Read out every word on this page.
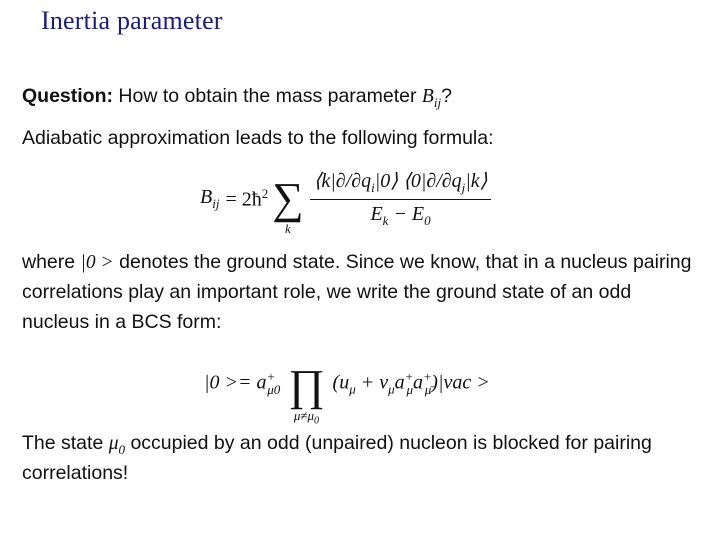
Inertia parameter
Question: How to obtain the mass parameter $B_{ij}$?
Adiabatic approximation leads to the following formula:
$B_{ij}$ = $2ħ^2$ ∑
k $\frac{⟨k|\partial/\partial q_i|0⟩ ⟨0|\partial/\partial q_j|k⟩}{E_k - E_0}$
where |0 > denotes the ground state. Since we know, that in a nucleus pairing
correlations play an important role, we write the ground state of an odd
nucleus in a BCS form:
$|0 >= a^+_{\mu 0}$ ∏
$\mu\ne\mu_0$
$(u_\mu + v_\mu a^+_\mu a^+_{\mū})|vac$ >
The state $\mu_0$ occupied by an odd (unpaired) nucleon is blocked for pairing
correlations!
